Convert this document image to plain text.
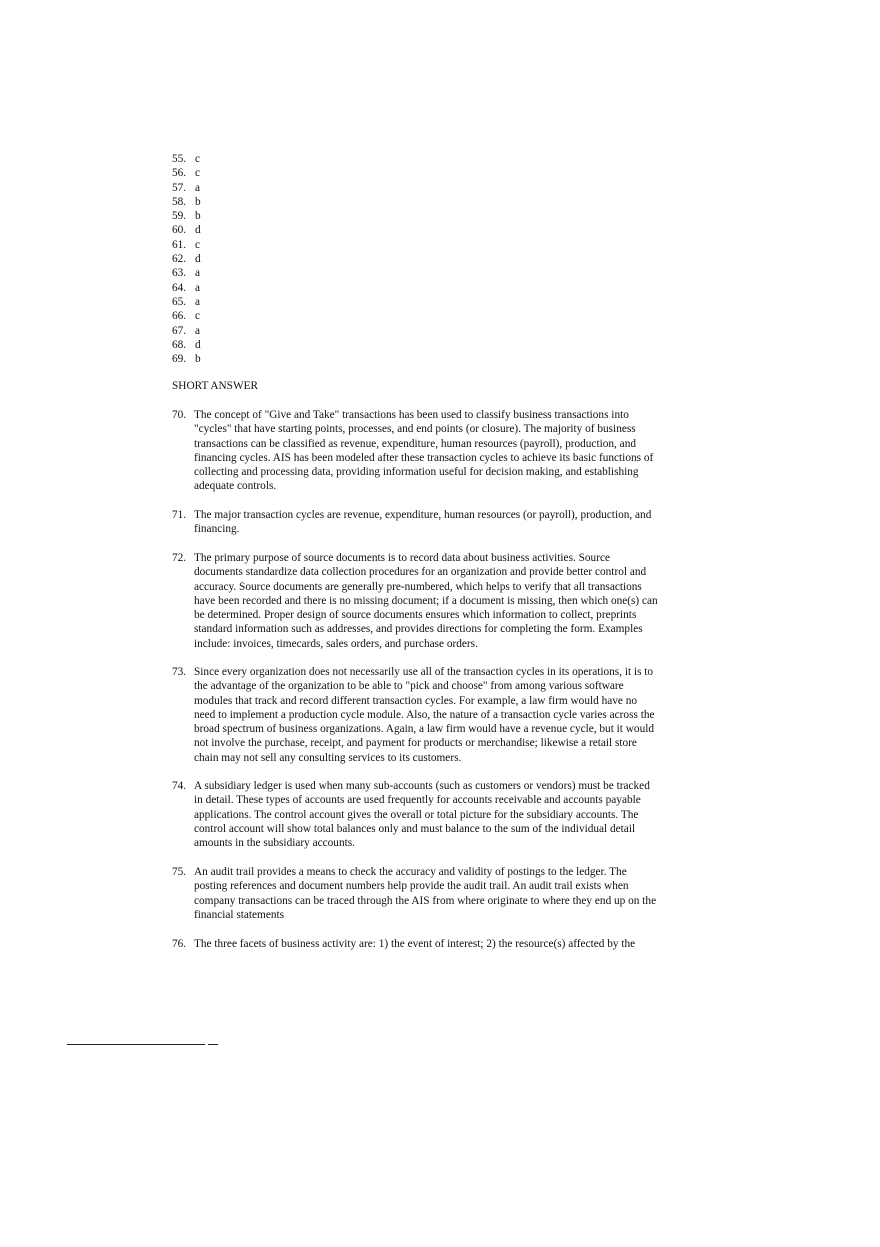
55. c
56. c
57. a
58. b
59. b
60. d
61. c
62. d
63. a
64. a
65. a
66. c
67. a
68. d
69. b
SHORT ANSWER
70. The concept of "Give and Take" transactions has been used to classify business transactions into
"cycles" that have starting points, processes, and end points (or closure). The majority of business
transactions can be classified as revenue, expenditure, human resources (payroll), production, and
financing cycles. AIS has been modeled after these transaction cycles to achieve its basic functions of
collecting and processing data, providing information useful for decision making, and establishing
adequate controls.
71. The major transaction cycles are revenue, expenditure, human resources (or payroll), production, and
financing.
72. The primary purpose of source documents is to record data about business activities. Source
documents standardize data collection procedures for an organization and provide better control and
accuracy. Source documents are generally pre-numbered, which helps to verify that all transactions
have been recorded and there is no missing document; if a document is missing, then which one(s) can
be determined. Proper design of source documents ensures which information to collect, preprints
standard information such as addresses, and provides directions for completing the form. Examples
include: invoices, timecards, sales orders, and purchase orders.
73. Since every organization does not necessarily use all of the transaction cycles in its operations, it is to
the advantage of the organization to be able to "pick and choose" from among various software
modules that track and record different transaction cycles. For example, a law firm would have no
need to implement a production cycle module. Also, the nature of a transaction cycle varies across the
broad spectrum of business organizations. Again, a law firm would have a revenue cycle, but it would
not involve the purchase, receipt, and payment for products or merchandise; likewise a retail store
chain may not sell any consulting services to its customers.
74. A subsidiary ledger is used when many sub-accounts (such as customers or vendors) must be tracked
in detail. These types of accounts are used frequently for accounts receivable and accounts payable
applications. The control account gives the overall or total picture for the subsidiary accounts. The
control account will show total balances only and must balance to the sum of the individual detail
amounts in the subsidiary accounts.
75. An audit trail provides a means to check the accuracy and validity of postings to the ledger. The
posting references and document numbers help provide the audit trail. An audit trail exists when
company transactions can be traced through the AIS from where originate to where they end up on the
financial statements
76. The three facets of business activity are: 1) the event of interest; 2) the resource(s) affected by the
